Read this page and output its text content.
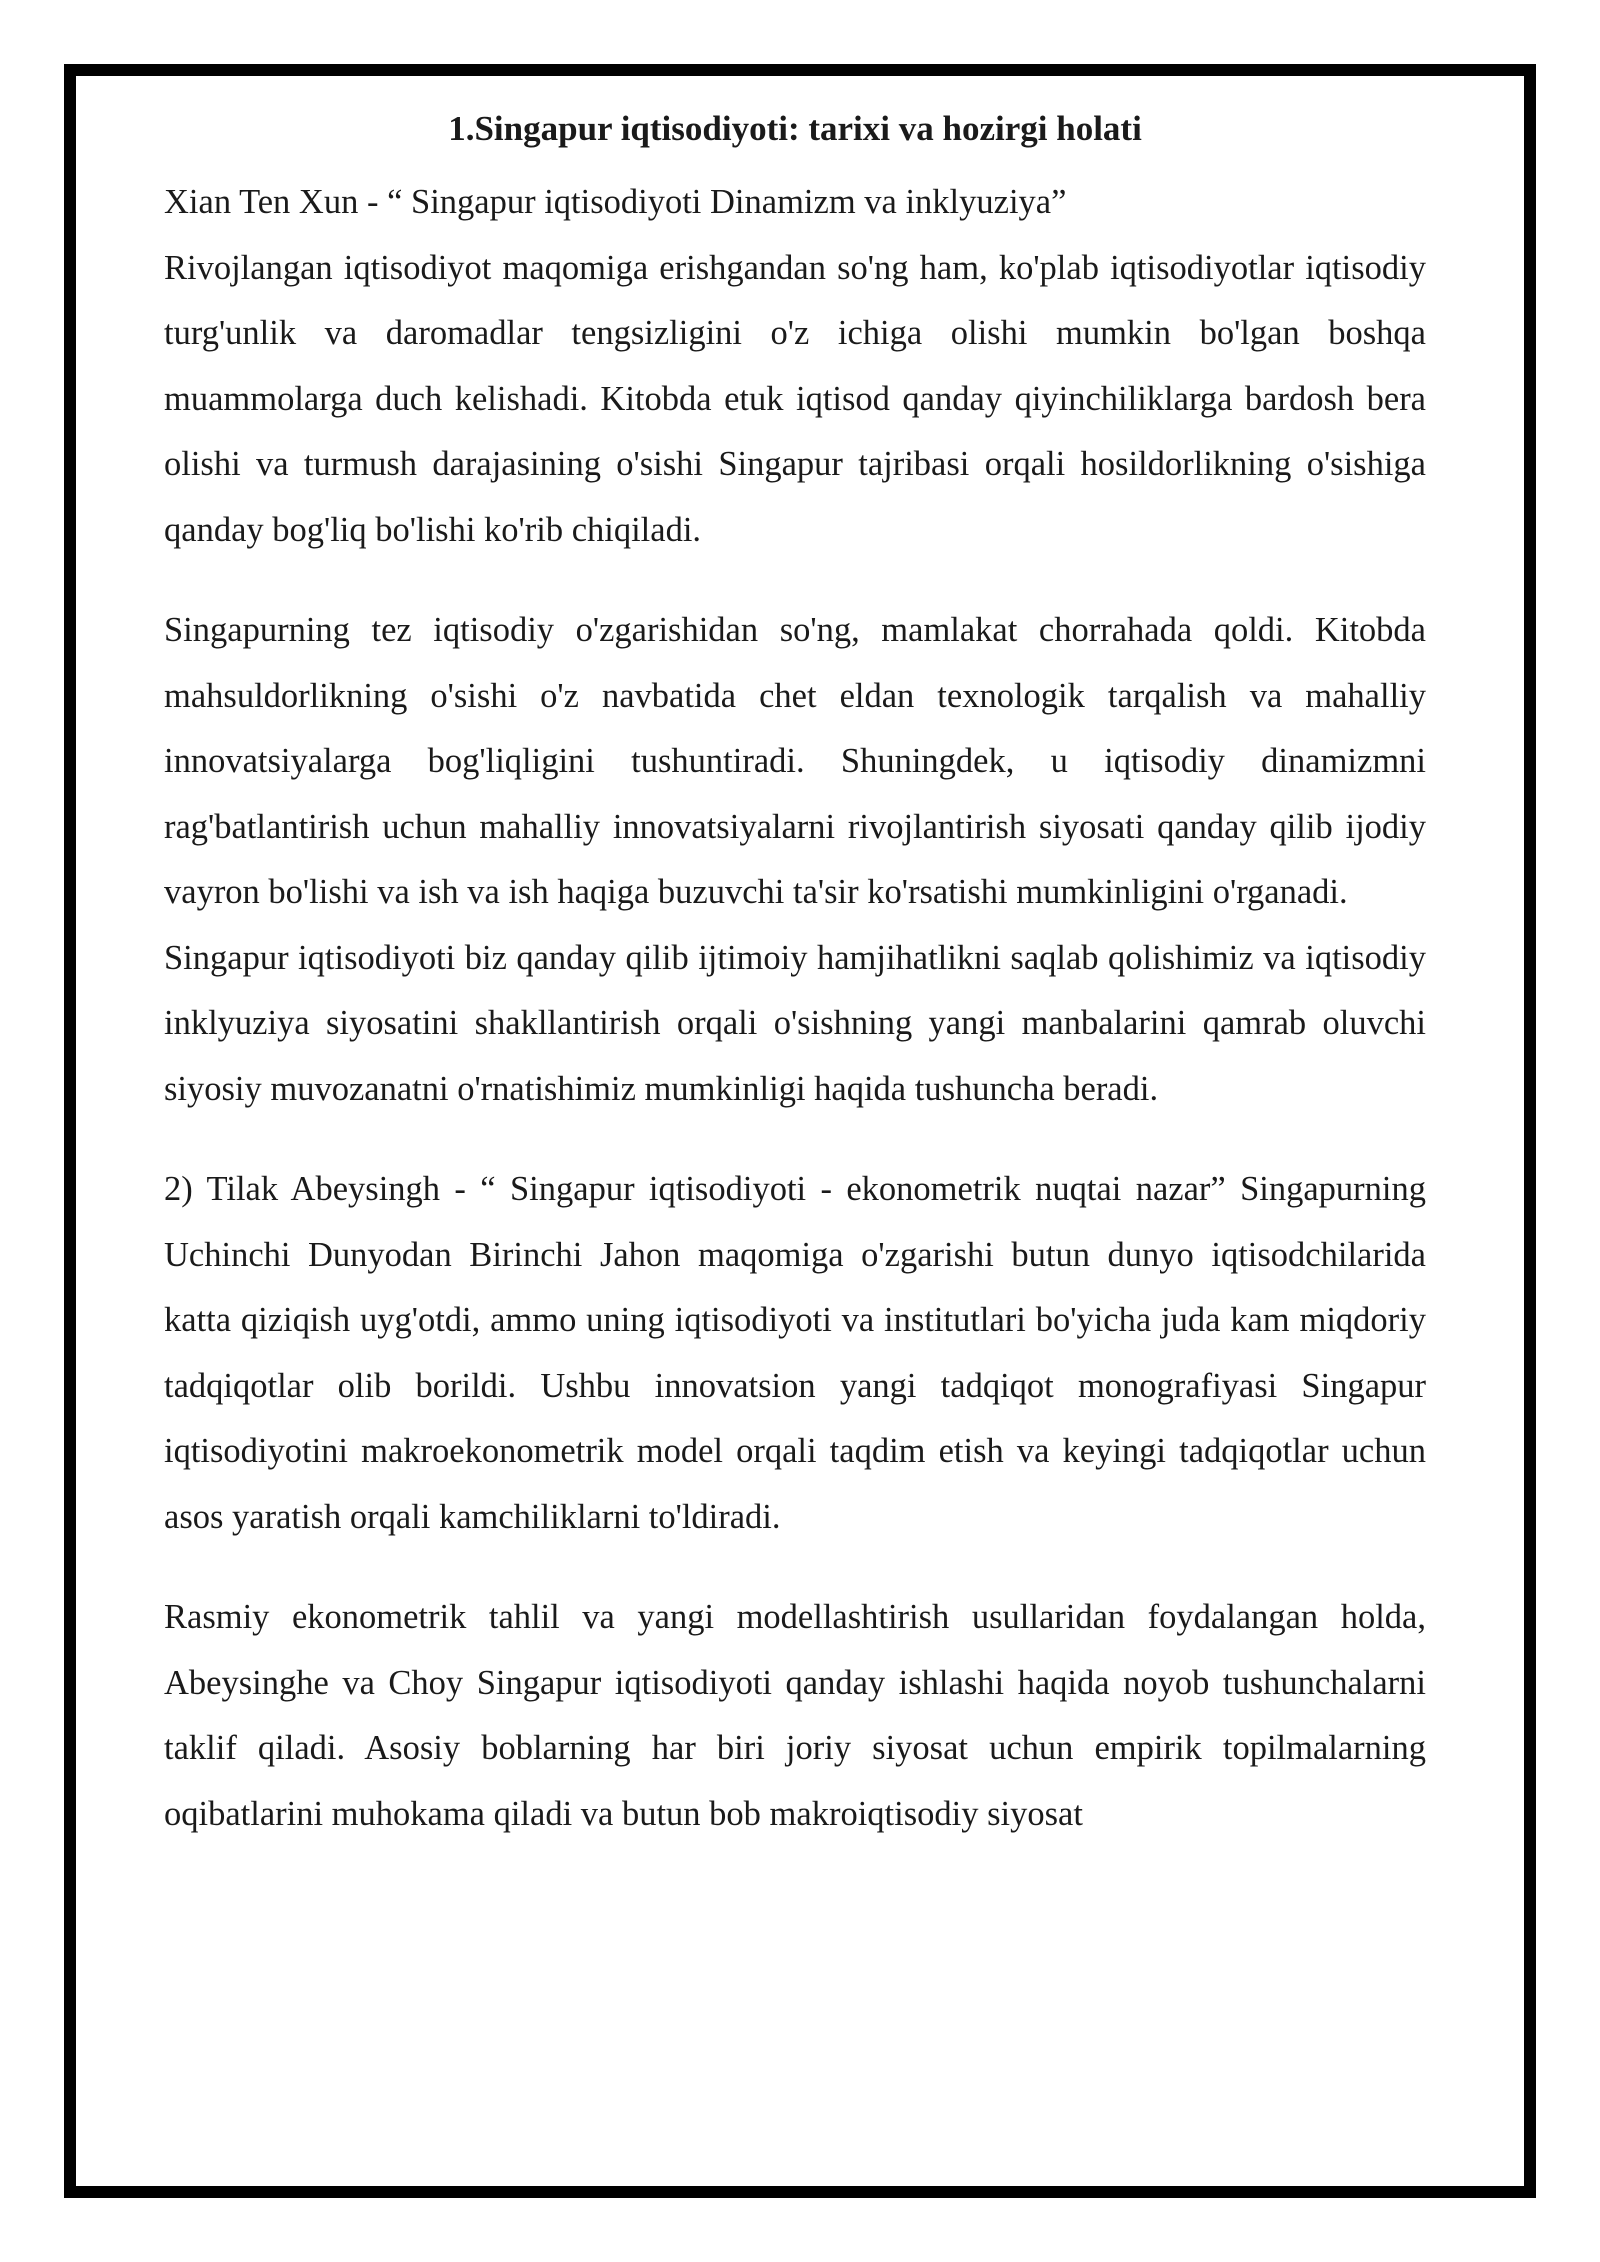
1.Singapur iqtisodiyoti: tarixi va hozirgi holati

Xian Ten Xun - “ Singapur iqtisodiyoti Dinamizm va inklyuziya”

Rivojlangan iqtisodiyot maqomiga erishgandan so'ng ham, ko'plab iqtisodiyotlar iqtisodiy turg'unlik va daromadlar tengsizligini o'z ichiga olishi mumkin bo'lgan boshqa muammolarga duch kelishadi. Kitobda etuk iqtisod qanday qiyinchiliklarga bardosh bera olishi va turmush darajasining o'sishi Singapur tajribasi orqali hosildorlikning o'sishiga qanday bog'liq bo'lishi ko'rib chiqiladi.

Singapurning tez iqtisodiy o'zgarishidan so'ng, mamlakat chorrahada qoldi. Kitobda mahsuldorlikning o'sishi o'z navbatida chet eldan texnologik tarqalish va mahalliy innovatsiyalarga bog'liqligini tushuntiradi. Shuningdek, u iqtisodiy dinamizmni rag'batlantirish uchun mahalliy innovatsiyalarni rivojlantirish siyosati qanday qilib ijodiy vayron bo'lishi va ish va ish haqiga buzuvchi ta'sir ko'rsatishi mumkinligini o'rganadi.

Singapur iqtisodiyoti biz qanday qilib ijtimoiy hamjihatlikni saqlab qolishimiz va iqtisodiy inklyuziya siyosatini shakllantirish orqali o'sishning yangi manbalarini qamrab oluvchi siyosiy muvozanatni o'rnatishimiz mumkinligi haqida tushuncha beradi.

2) Tilak Abeysingh - “ Singapur iqtisodiyoti - ekonometrik nuqtai nazar” Singapurning Uchinchi Dunyodan Birinchi Jahon maqomiga o'zgarishi butun dunyo iqtisodchilarida katta qiziqish uyg'otdi, ammo uning iqtisodiyoti va institutlari bo'yicha juda kam miqdoriy tadqiqotlar olib borildi. Ushbu innovatsion yangi tadqiqot monografiyasi Singapur iqtisodiyotini makroekonometrik model orqali taqdim etish va keyingi tadqiqotlar uchun asos yaratish orqali kamchiliklarni to'ldiradi.

Rasmiy ekonometrik tahlil va yangi modellashtirish usullaridan foydalangan holda, Abeysinghe va Choy Singapur iqtisodiyoti qanday ishlashi haqida noyob tushunchalarni taklif qiladi. Asosiy boblarning har biri joriy siyosat uchun empirik topilmalarning oqibatlarini muhokama qiladi va butun bob makroiqtisodiy siyosat
